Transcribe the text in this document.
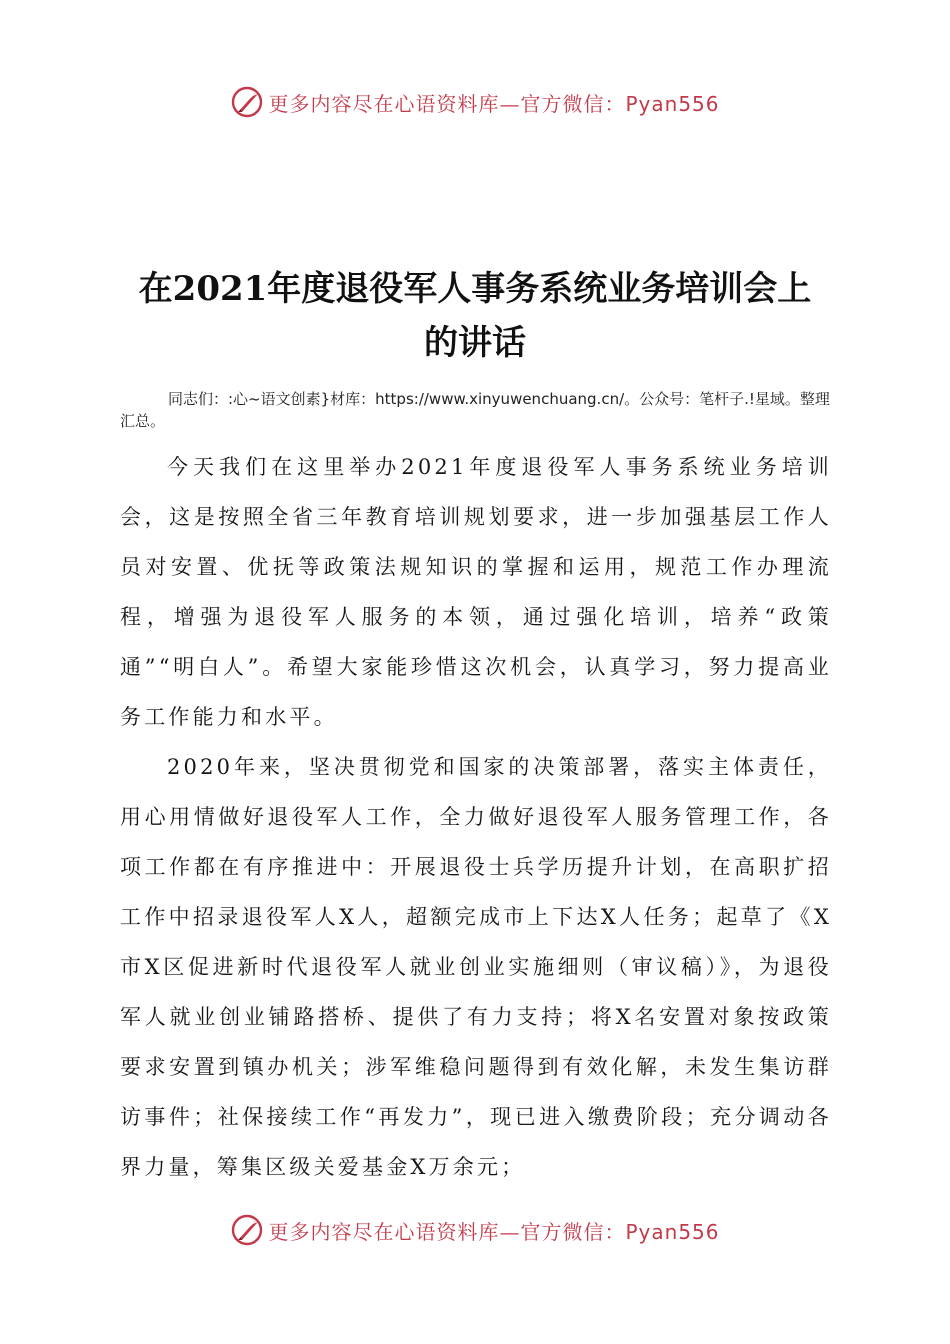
更多内容尽在心语资料库—官方微信：Pyan556
在2021年度退役军人事务系统业务培训会上
的讲话
同志们：:心~语文创素}材库：https://www.xinyuwenchuang.cn/。公众号：笔杆子.!星域。整理汇总。

今天我们在这里举办2021年度退役军人事务系统业务培训会，这是按照全省三年教育培训规划要求，进一步加强基层工作人员对安置、优抚等政策法规知识的掌握和运用，规范工作办理流程，增强为退役军人服务的本领，通过强化培训，培养“政策通”“明白人”。希望大家能珍惜这次机会，认真学习，努力提高业务工作能力和水平。

2020年来，坚决贯彻党和国家的决策部署，落实主体责任，用心用情做好退役军人工作，全力做好退役军人服务管理工作，各项工作都在有序推进中：开展退役士兵学历提升计划，在高职扩招工作中招录退役军人X人，超额完成市上下达X人任务；起草了《X市X区促进新时代退役军人就业创业实施细则（审议稿）》，为退役军人就业创业铺路搭桥、提供了有力支持；将X名安置对象按政策要求安置到镇办机关；涉军维稳问题得到有效化解，未发生集访群访事件；社保接续工作“再发力”，现已进入缴费阶段；充分调动各界力量，筹集区级关爱基金X万余元；

更多内容尽在心语资料库—官方微信：Pyan556
